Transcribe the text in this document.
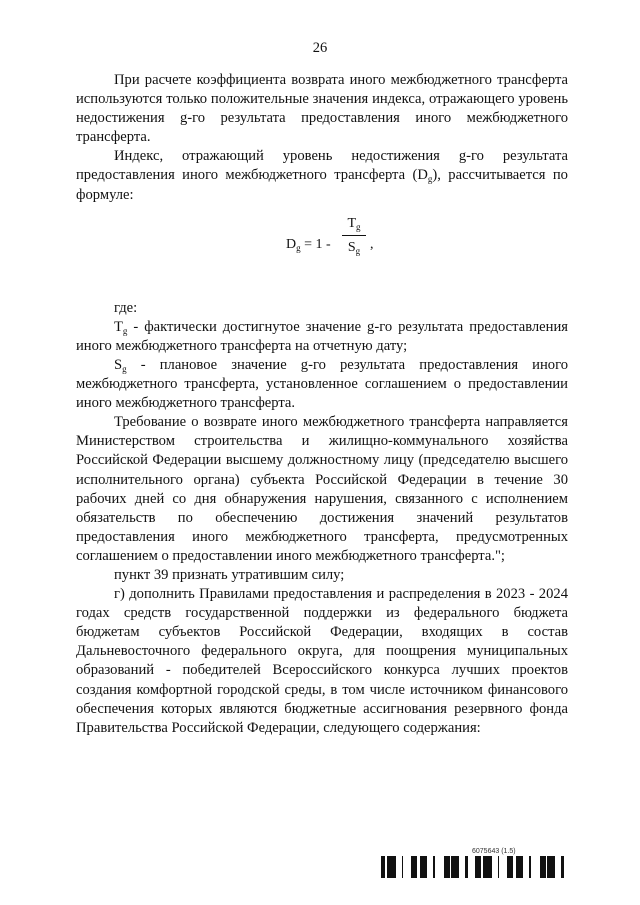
26

При расчете коэффициента возврата иного межбюджетного трансферта используются только положительные значения индекса, отражающего уровень недостижения g-го результата предоставления иного межбюджетного трансферта.

Индекс, отражающий уровень недостижения g-го результата предоставления иного межбюджетного трансферта $(D_g)$, рассчитывается по формуле:

$D_g = 1 - \frac{T_g}{S_g}$ ,

где:

$T_g$ - фактически достигнутое значение g-го результата предоставления иного межбюджетного трансферта на отчетную дату;

$S_g$ - плановое значение g-го результата предоставления иного межбюджетного трансферта, установленное соглашением о предоставлении иного межбюджетного трансферта.

Требование о возврате иного межбюджетного трансферта направляется Министерством строительства и жилищно-коммунального хозяйства Российской Федерации высшему должностному лицу (председателю высшего исполнительного органа) субъекта Российской Федерации в течение 30 рабочих дней со дня обнаружения нарушения, связанного с исполнением обязательств по обеспечению достижения значений результатов предоставления иного межбюджетного трансферта, предусмотренных соглашением о предоставлении иного межбюджетного трансферта.";

пункт 39 признать утратившим силу;

г) дополнить Правилами предоставления и распределения в 2023 - 2024 годах средств государственной поддержки из федерального бюджета бюджетам субъектов Российской Федерации, входящих в состав Дальневосточного федерального округа, для поощрения муниципальных образований - победителей Всероссийского конкурса лучших проектов создания комфортной городской среды, в том числе источником финансового обеспечения которых являются бюджетные ассигнования резервного фонда Правительства Российской Федерации, следующего содержания:

6075643 (1.5)
